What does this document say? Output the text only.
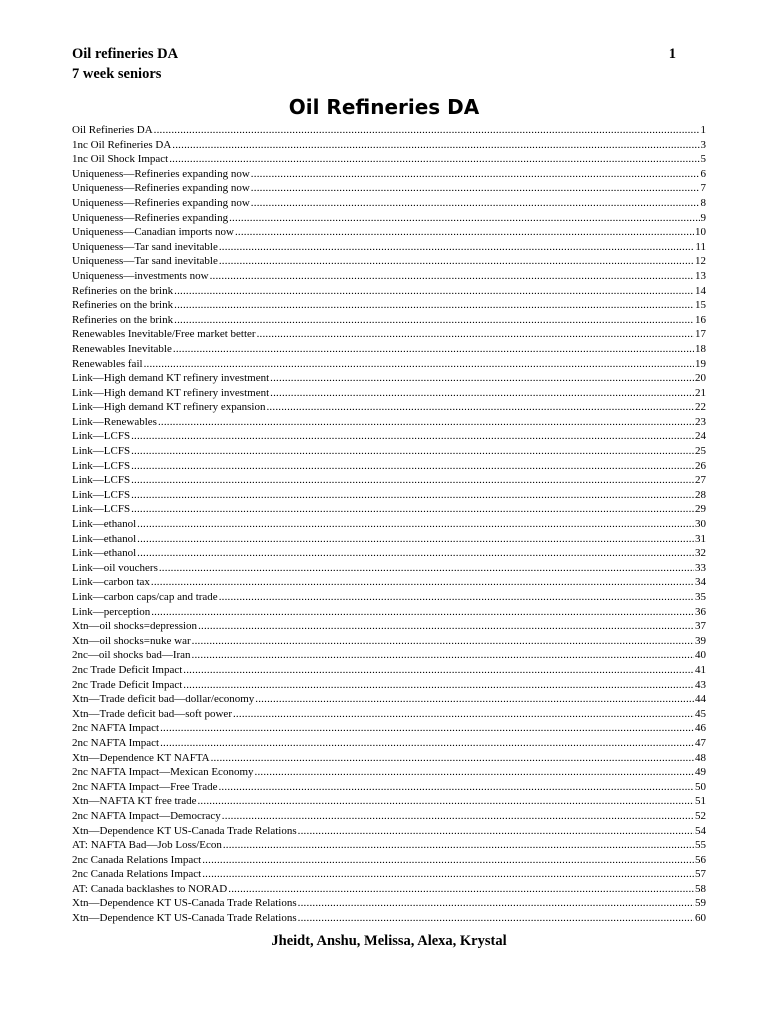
Oil refineries DA	1
7 week seniors
Oil Refineries DA
Oil Refineries DA .....	1
1nc Oil Refineries DA .....	3
1nc Oil Shock Impact .....	5
Uniqueness—Refineries expanding now .....	6
Uniqueness—Refineries expanding now .....	7
Uniqueness—Refineries expanding now .....	8
Uniqueness—Refineries expanding .....	9
Uniqueness—Canadian imports now .....	10
Uniqueness—Tar sand inevitable .....	11
Uniqueness—Tar sand inevitable .....	12
Uniqueness—investments now .....	13
Refineries on the brink .....	14
Refineries on the brink .....	15
Refineries on the brink .....	16
Renewables Inevitable/Free market better .....	17
Renewables Inevitable .....	18
Renewables fail .....	19
Link—High demand KT refinery investment .....	20
Link—High demand KT refinery investment .....	21
Link—High demand KT refinery expansion .....	22
Link—Renewables .....	23
Link—LCFS .....	24
Link—LCFS .....	25
Link—LCFS .....	26
Link—LCFS .....	27
Link—LCFS .....	28
Link—LCFS .....	29
Link—ethanol .....	30
Link—ethanol .....	31
Link—ethanol .....	32
Link—oil vouchers .....	33
Link—carbon tax .....	34
Link—carbon caps/cap and trade .....	35
Link—perception .....	36
Xtn—oil shocks=depression .....	37
Xtn—oil shocks=nuke war .....	39
2nc—oil shocks bad—Iran .....	40
2nc Trade Deficit Impact .....	41
2nc Trade Deficit Impact .....	43
Xtn—Trade deficit bad—dollar/economy .....	44
Xtn—Trade deficit bad—soft power .....	45
2nc NAFTA Impact .....	46
2nc NAFTA Impact .....	47
Xtn—Dependence KT NAFTA .....	48
2nc NAFTA Impact—Mexican Economy .....	49
2nc NAFTA Impact—Free Trade .....	50
Xtn—NAFTA KT free trade .....	51
2nc NAFTA Impact—Democracy .....	52
Xtn—Dependence KT US-Canada Trade Relations .....	54
AT: NAFTA Bad—Job Loss/Econ .....	55
2nc Canada Relations Impact .....	56
2nc Canada Relations Impact .....	57
AT: Canada backlashes to NORAD .....	58
Xtn—Dependence KT US-Canada Trade Relations .....	59
Xtn—Dependence KT US-Canada Trade Relations .....	60
Jheidt, Anshu, Melissa, Alexa, Krystal
